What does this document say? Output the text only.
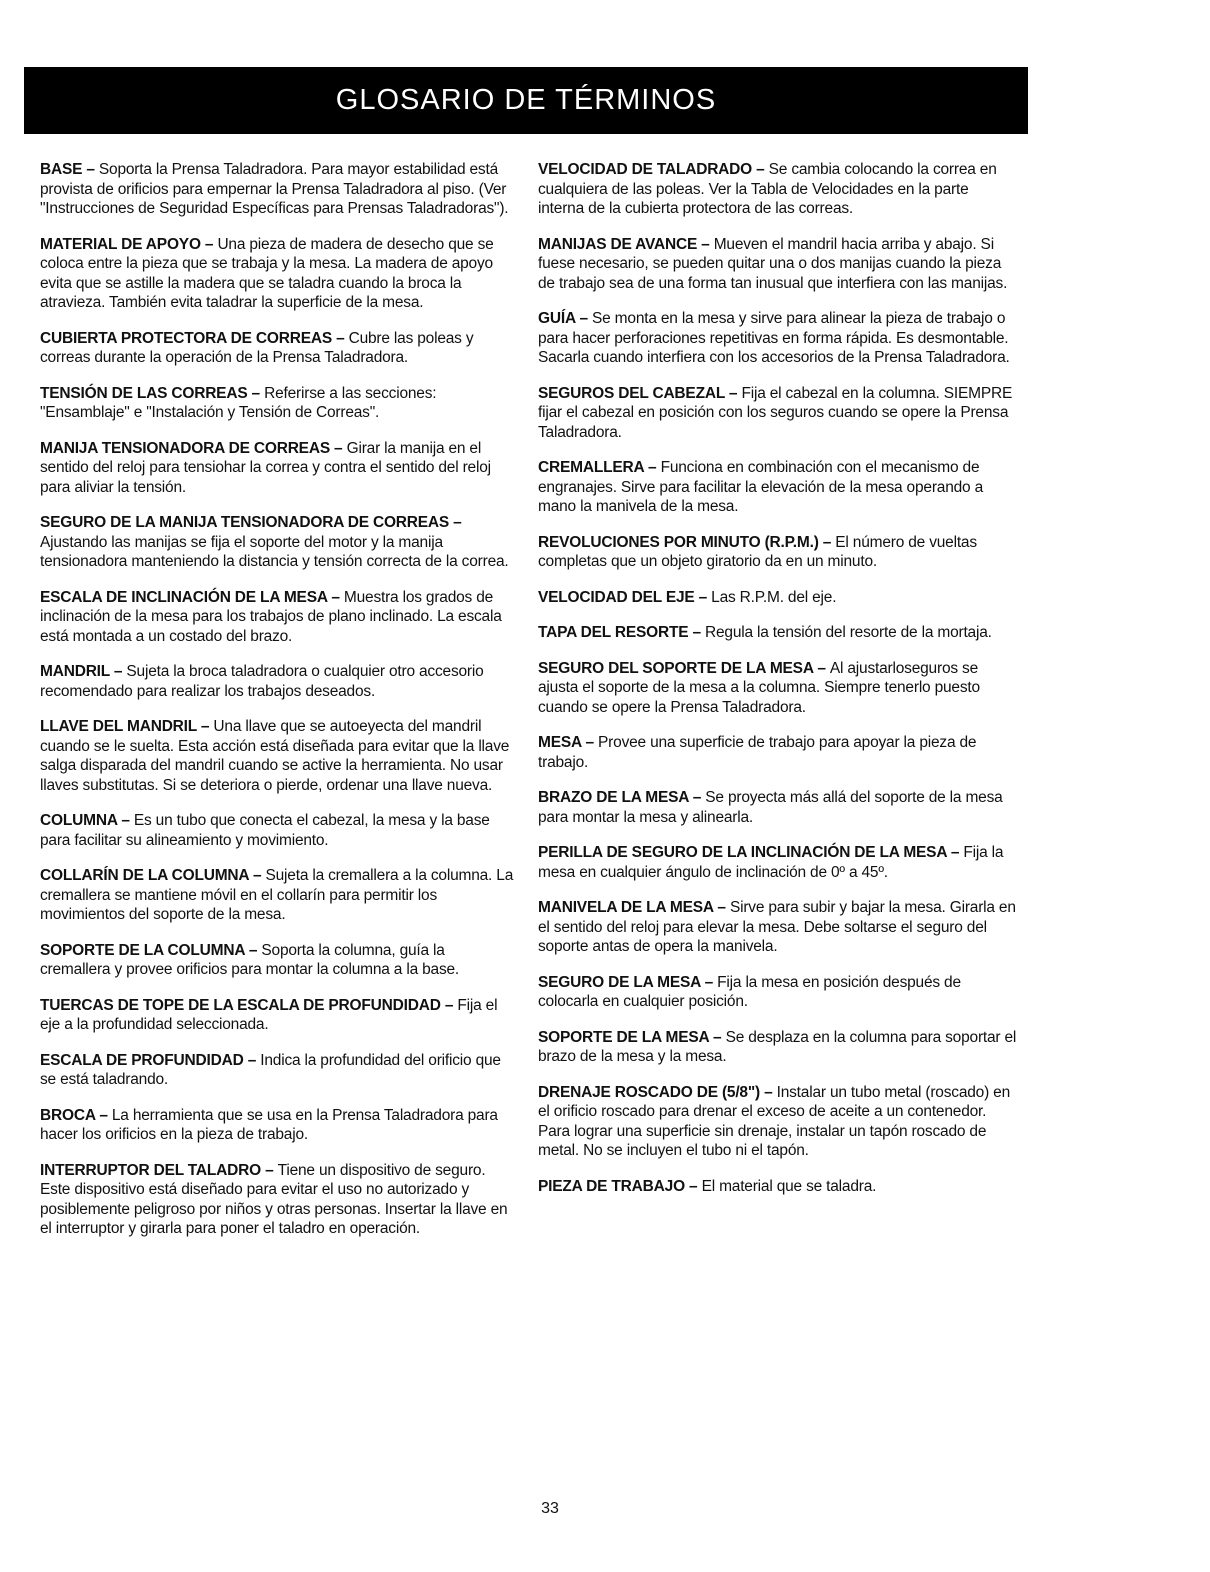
GLOSARIO DE TÉRMINOS

BASE – Soporta la Prensa Taladradora. Para mayor estabilidad está provista de orificios para empernar la Prensa Taladradora al piso. (Ver "Instrucciones de Seguridad Específicas para Prensas Taladradoras").

MATERIAL DE APOYO – Una pieza de madera de desecho que se coloca entre la pieza que se trabaja y la mesa. La madera de apoyo evita que se astille la madera que se taladra cuando la broca la atravieza. También evita taladrar la superficie de la mesa.

CUBIERTA PROTECTORA DE CORREAS – Cubre las poleas y correas durante la operación de la Prensa Taladradora.

TENSIÓN DE LAS CORREAS – Referirse a las secciones: "Ensamblaje" e "Instalación y Tensión de Correas".

MANIJA TENSIONADORA DE CORREAS – Girar la manija en el sentido del reloj para tensiohar la correa y contra el sentido del reloj para aliviar la tensión.

SEGURO DE LA MANIJA TENSIONADORA DE CORREAS – Ajustando las manijas se fija el soporte del motor y la manija tensionadora manteniendo la distancia y tensión correcta de la correa.

ESCALA DE INCLINACIÓN DE LA MESA – Muestra los grados de inclinación de la mesa para los trabajos de plano inclinado. La escala está montada a un costado del brazo.

MANDRIL – Sujeta la broca taladradora o cualquier otro accesorio recomendado para realizar los trabajos deseados.

LLAVE DEL MANDRIL – Una llave que se autoeyecta del mandril cuando se le suelta. Esta acción está diseñada para evitar que la llave salga disparada del mandril cuando se active la herramienta. No usar llaves substitutas. Si se deteriora o pierde, ordenar una llave nueva.

COLUMNA – Es un tubo que conecta el cabezal, la mesa y la base para facilitar su alineamiento y movimiento.

COLLARÍN DE LA COLUMNA – Sujeta la cremallera a la columna. La cremallera se mantiene móvil en el collarín para permitir los movimientos del soporte de la mesa.

SOPORTE DE LA COLUMNA – Soporta la columna, guía la cremallera y provee orificios para montar la columna a la base.

TUERCAS DE TOPE DE LA ESCALA DE PROFUNDIDAD – Fija el eje a la profundidad seleccionada.

ESCALA DE PROFUNDIDAD – Indica la profundidad del orificio que se está taladrando.

BROCA – La herramienta que se usa en la Prensa Taladradora para hacer los orificios en la pieza de trabajo.

INTERRUPTOR DEL TALADRO – Tiene un dispositivo de seguro. Este dispositivo está diseñado para evitar el uso no autorizado y posiblemente peligroso por niños y otras personas. Insertar la llave en el interruptor y girarla para poner el taladro en operación.

VELOCIDAD DE TALADRADO – Se cambia colocando la correa en cualquiera de las poleas. Ver la Tabla de Velocidades en la parte interna de la cubierta protectora de las correas.

MANIJAS DE AVANCE – Mueven el mandril hacia arriba y abajo. Si fuese necesario, se pueden quitar una o dos manijas cuando la pieza de trabajo sea de una forma tan inusual que interfiera con las manijas.

GUÍA – Se monta en la mesa y sirve para alinear la pieza de trabajo o para hacer perforaciones repetitivas en forma rápida. Es desmontable. Sacarla cuando interfiera con los accesorios de la Prensa Taladradora.

SEGUROS DEL CABEZAL – Fija el cabezal en la columna. SIEMPRE fijar el cabezal en posición con los seguros cuando se opere la Prensa Taladradora.

CREMALLERA – Funciona en combinación con el mecanismo de engranajes. Sirve para facilitar la elevación de la mesa operando a mano la manivela de la mesa.

REVOLUCIONES POR MINUTO (R.P.M.) – El número de vueltas completas que un objeto giratorio da en un minuto.

VELOCIDAD DEL EJE – Las R.P.M. del eje.

TAPA DEL RESORTE – Regula la tensión del resorte de la mortaja.

SEGURO DEL SOPORTE DE LA MESA – Al ajustarloseguros se ajusta el soporte de la mesa a la columna. Siempre tenerlo puesto cuando se opere la Prensa Taladradora.

MESA – Provee una superficie de trabajo para apoyar la pieza de trabajo.

BRAZO DE LA MESA – Se proyecta más allá del soporte de la mesa para montar la mesa y alinearla.

PERILLA DE SEGURO DE LA INCLINACIÓN DE LA MESA – Fija la mesa en cualquier ángulo de inclinación de 0º a 45º.

MANIVELA DE LA MESA – Sirve para subir y bajar la mesa. Girarla en el sentido del reloj para elevar la mesa. Debe soltarse el seguro del soporte antas de opera la manivela.

SEGURO DE LA MESA – Fija la mesa en posición después de colocarla en cualquier posición.

SOPORTE DE LA MESA – Se desplaza en la columna para soportar el brazo de la mesa y la mesa.

DRENAJE ROSCADO DE (5/8") – Instalar un tubo metal (roscado) en el orificio roscado para drenar el exceso de aceite a un contenedor. Para lograr una superficie sin drenaje, instalar un tapón roscado de metal. No se incluyen el tubo ni el tapón.

PIEZA DE TRABAJO – El material que se taladra.

33
